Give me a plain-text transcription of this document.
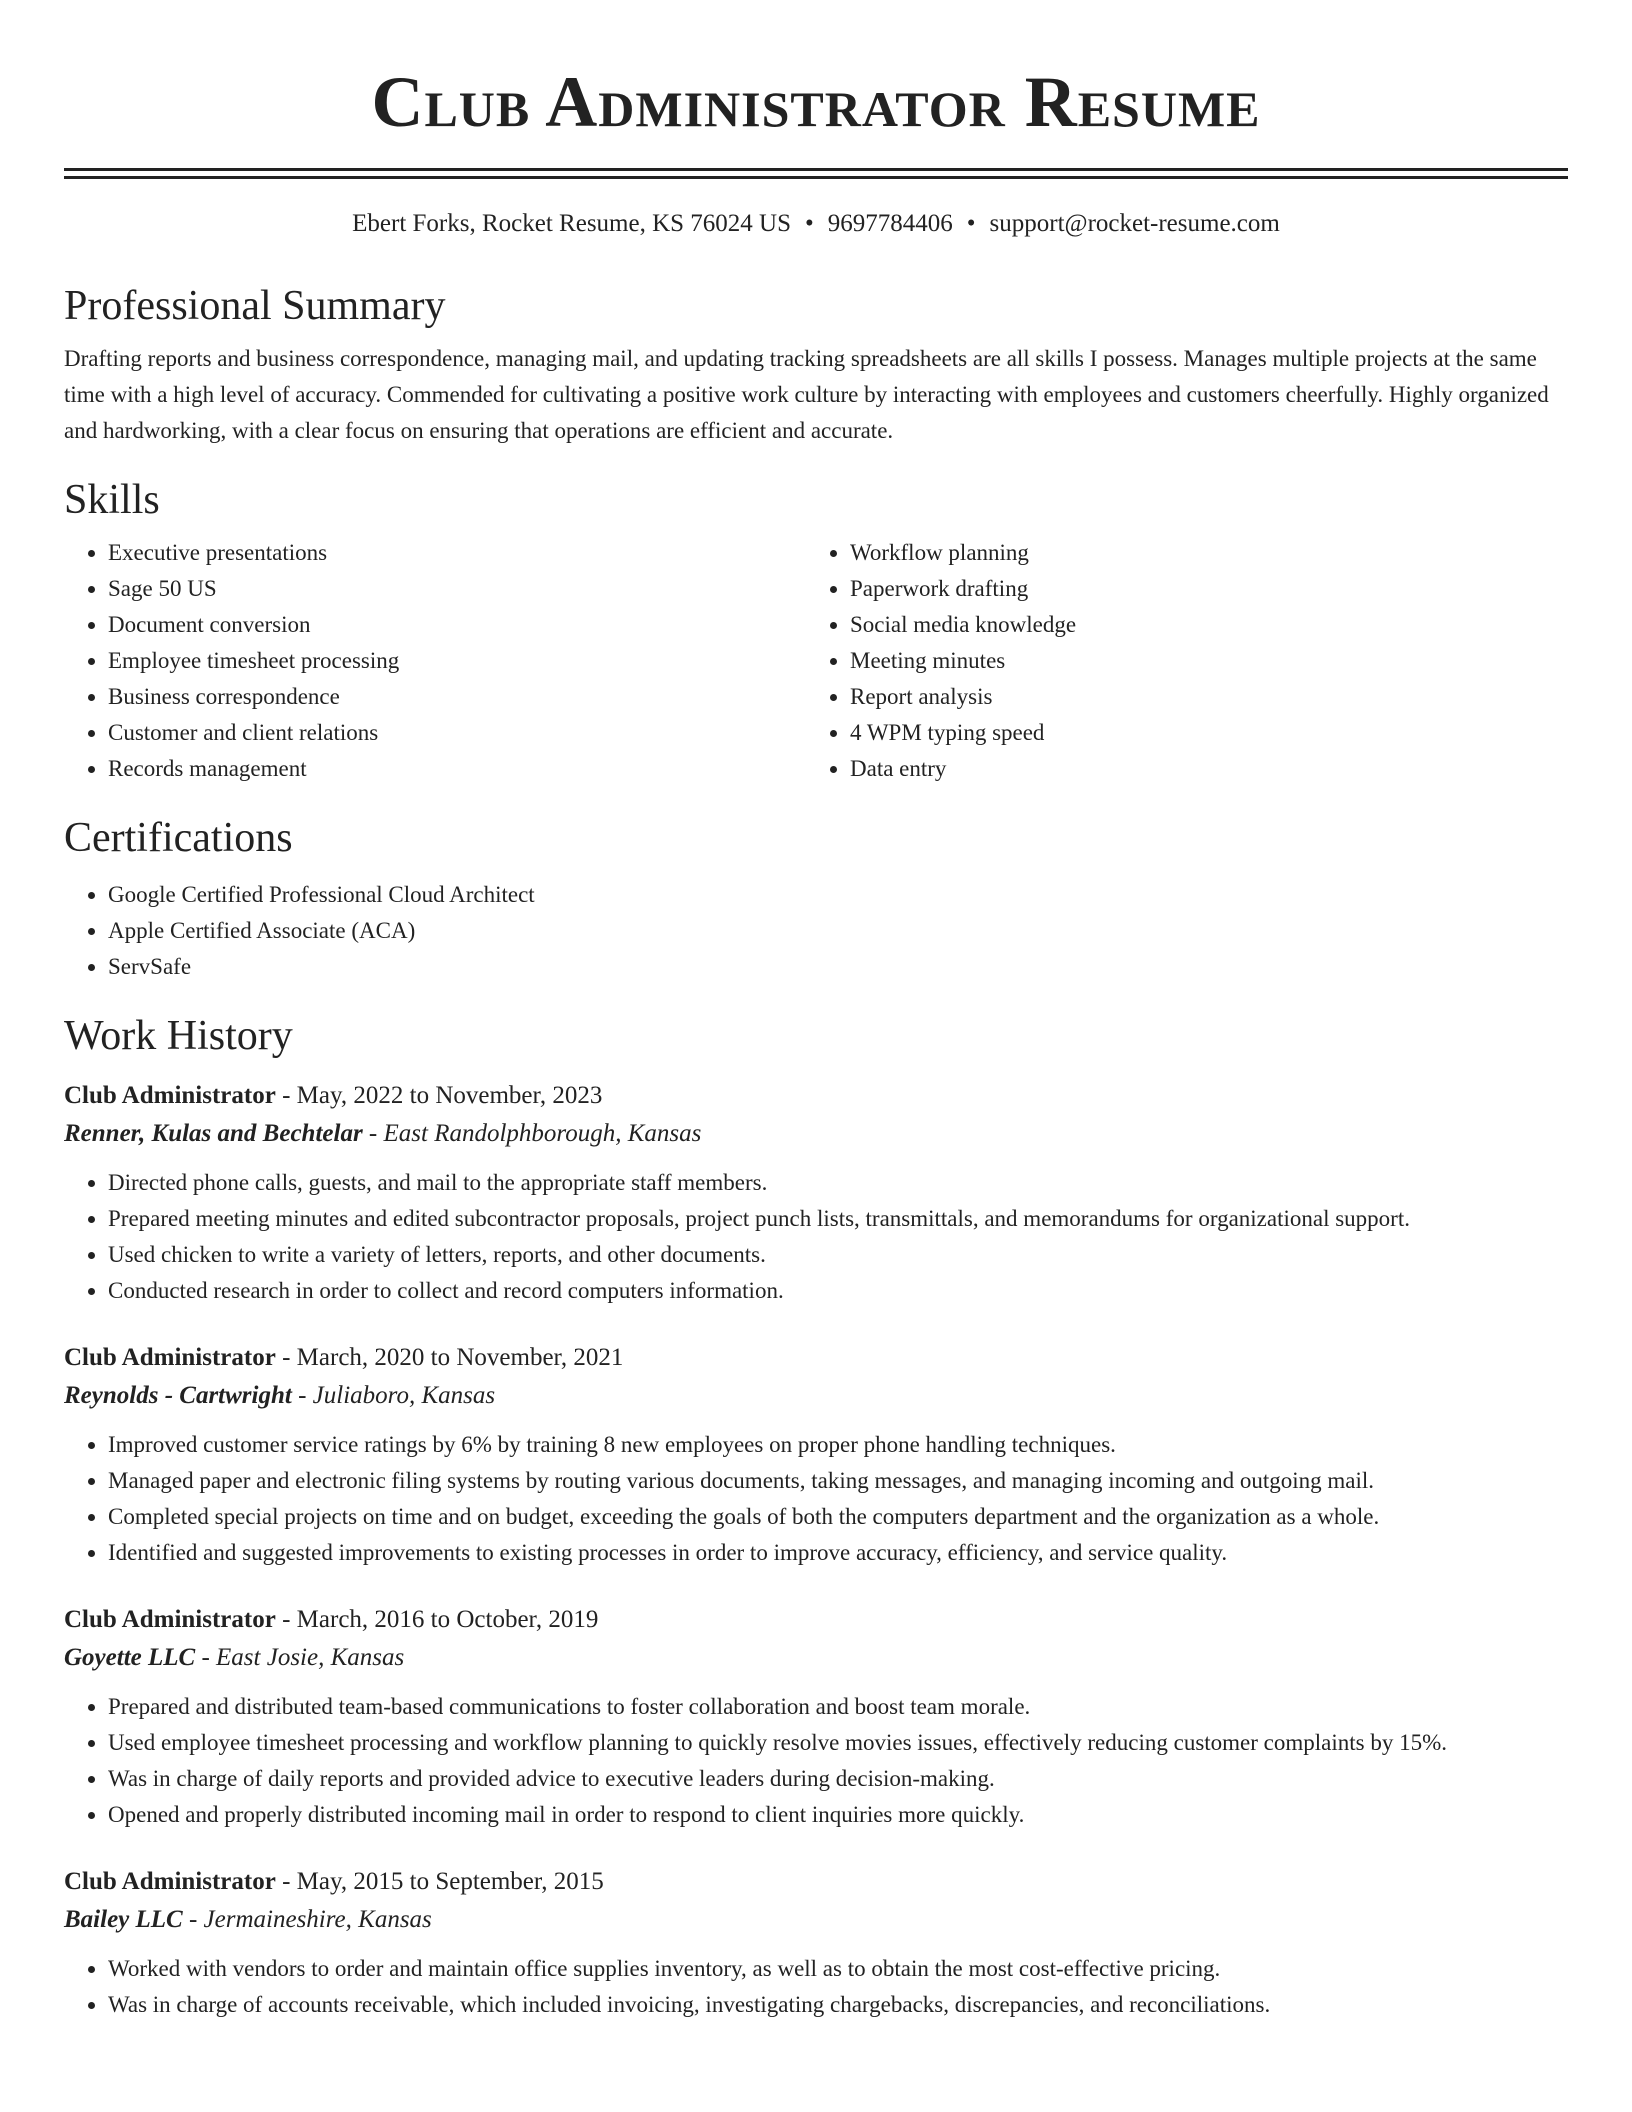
Club Administrator Resume
Ebert Forks, Rocket Resume, KS 76024 US • 9697784406 • support@rocket-resume.com
Professional Summary

Drafting reports and business correspondence, managing mail, and updating tracking spreadsheets are all skills I possess. Manages multiple projects at the same time with a high level of accuracy. Commended for cultivating a positive work culture by interacting with employees and customers cheerfully. Highly organized and hardworking, with a clear focus on ensuring that operations are efficient and accurate.

Skills
• Executive presentations
• Sage 50 US
• Document conversion
• Employee timesheet processing
• Business correspondence
• Customer and client relations
• Records management
• Workflow planning
• Paperwork drafting
• Social media knowledge
• Meeting minutes
• Report analysis
• 4 WPM typing speed
• Data entry
Certifications
• Google Certified Professional Cloud Architect
• Apple Certified Associate (ACA)
• ServSafe
Work History
Club Administrator - May, 2022 to November, 2023
Renner, Kulas and Bechtelar - East Randolphborough, Kansas
• Directed phone calls, guests, and mail to the appropriate staff members.
• Prepared meeting minutes and edited subcontractor proposals, project punch lists, transmittals, and memorandums for organizational support.
• Used chicken to write a variety of letters, reports, and other documents.
• Conducted research in order to collect and record computers information.
Club Administrator - March, 2020 to November, 2021
Reynolds - Cartwright - Juliaboro, Kansas
• Improved customer service ratings by 6% by training 8 new employees on proper phone handling techniques.
• Managed paper and electronic filing systems by routing various documents, taking messages, and managing incoming and outgoing mail.
• Completed special projects on time and on budget, exceeding the goals of both the computers department and the organization as a whole.
• Identified and suggested improvements to existing processes in order to improve accuracy, efficiency, and service quality.
Club Administrator - March, 2016 to October, 2019
Goyette LLC - East Josie, Kansas
• Prepared and distributed team-based communications to foster collaboration and boost team morale.
• Used employee timesheet processing and workflow planning to quickly resolve movies issues, effectively reducing customer complaints by 15%.
• Was in charge of daily reports and provided advice to executive leaders during decision-making.
• Opened and properly distributed incoming mail in order to respond to client inquiries more quickly.
Club Administrator - May, 2015 to September, 2015
Bailey LLC - Jermaineshire, Kansas
• Worked with vendors to order and maintain office supplies inventory, as well as to obtain the most cost-effective pricing.
• Was in charge of accounts receivable, which included invoicing, investigating chargebacks, discrepancies, and reconciliations.
